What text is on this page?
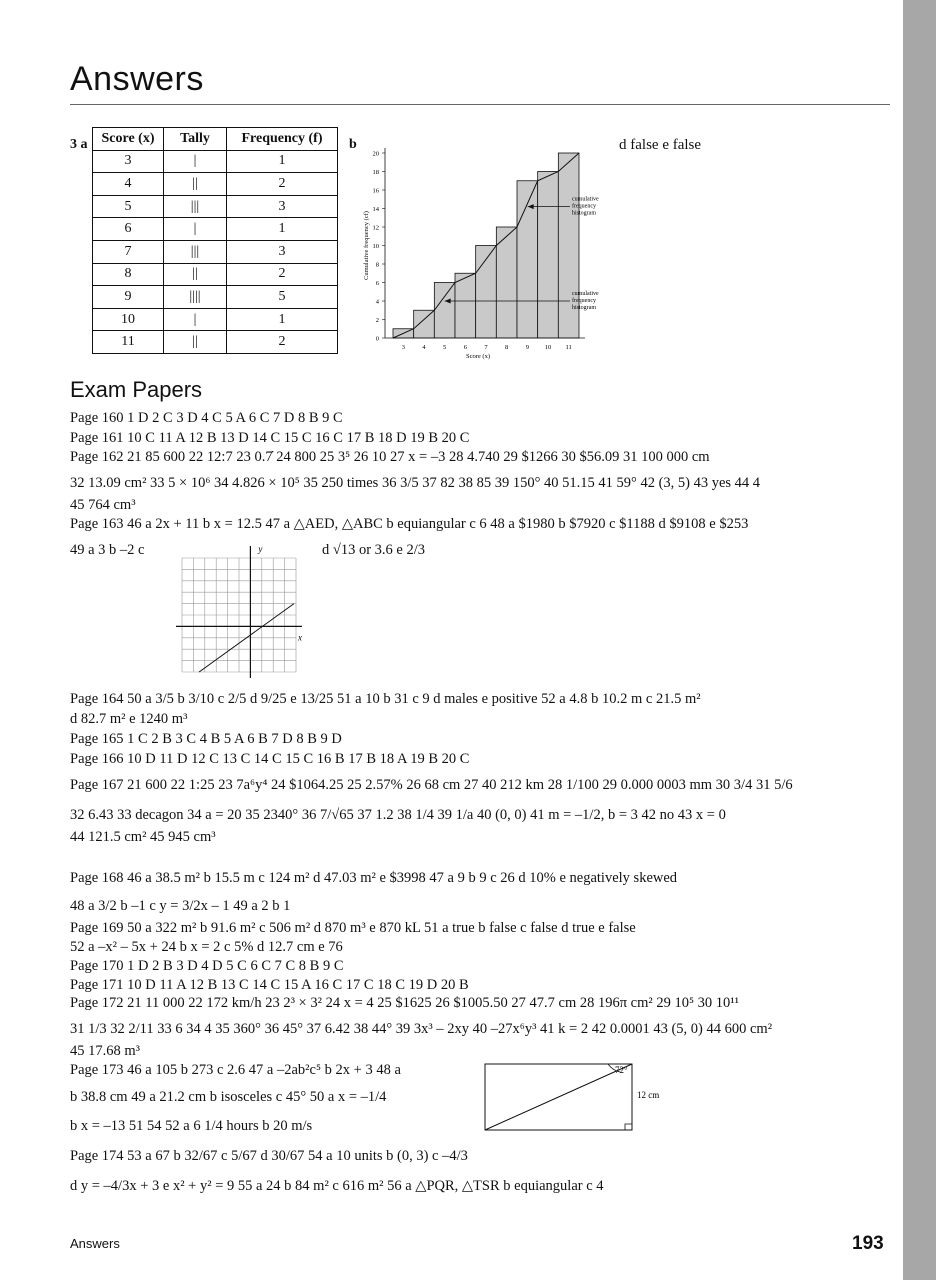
Answers
3 a Score (x)	Tally	Frequency (f)
3	|	1
4	||	2
5	|||	3
6	|	1
7	|||	3
8	||	2
9	||||	5
10	|	1
11	||	2
b
0
2
4
6
8
10
12
14
16
18
20
3	4	5	6	7	8	9 10 11
Score (x)
Cumulative frequency (cf)
cumulative
frequency
histogram
cumulative
frequency
histogram
d false e false
Exam Papers
Page 160 1 D 2 C 3 D 4 C 5 A 6 C 7 D 8 B 9 C
Page 161 10 C 11 A 12 B 13 D 14 C 15 C 16 C 17 B 18 D 19 B 20 C
Page 162 21 85 600 22 12:7 23 0.7̇ 24 800 25 3⁵ 26 10 27 x = –3 28 4.740 29 $1266 30 $56.09 31 100 000 cm
32 13.09 cm² 33 5 × 10⁶ 34 4.826 × 10⁵ 35 250 times 36 3/5 37 82 38 85 39 150° 40 51.15 41 59° 42 (3, 5) 43 yes 44 4
45 764 cm³
Page 163 46 a 2x + 11 b x = 12.5 47 a △AED, △ABC b equiangular c 6 48 a $1980 b $7920 c $1188 d $9108 e $253
49 a 3 b –2 c	d √13 or 3.6 e 2/3
Page 164 50 a 3/5 b 3/10 c 2/5 d 9/25 e 13/25 51 a 10 b 31 c 9 d males e positive 52 a 4.8 b 10.2 m c 21.5 m²
d 82.7 m² e 1240 m³
Page 165 1 C 2 B 3 C 4 B 5 A 6 B 7 D 8 B 9 D
Page 166 10 D 11 D 12 C 13 C 14 C 15 C 16 B 17 B 18 A 19 B 20 C
Page 167 21 600 22 1:25 23 7a⁶y⁴ 24 $1064.25 25 2.57% 26 68 cm 27 40 212 km 28 1/100 29 0.000 0003 mm 30 3/4 31 5/6
32 6.43 33 decagon 34 a = 20 35 2340° 36 7/√65 37 1.2 38 1/4 39 1/a 40 (0, 0) 41 m = –1/2, b = 3 42 no 43 x = 0
44 121.5 cm² 45 945 cm³
Page 168 46 a 38.5 m² b 15.5 m c 124 m² d 47.03 m² e $3998 47 a 9 b 9 c 26 d 10% e negatively skewed
48 a 3/2 b –1 c y = 3/2x – 1 49 a 2 b 1
Page 169 50 a 322 m² b 91.6 m² c 506 m² d 870 m³ e 870 kL 51 a true b false c false d true e false
52 a –x² – 5x + 24 b x = 2 c 5% d 12.7 cm e 76
Page 170 1 D 2 B 3 D 4 D 5 C 6 C 7 C 8 B 9 C
Page 171 10 D 11 A 12 B 13 C 14 C 15 A 16 C 17 C 18 C 19 D 20 B
Page 172 21 11 000 22 172 km/h 23 2³ × 3² 24 x = 4 25 $1625 26 $1005.50 27 47.7 cm 28 196π cm² 29 10⁵ 30 10¹¹
31 1/3 32 2/11 33 6 34 4 35 360° 36 45° 37 6.42 38 44° 39 3x³ – 2xy 40 –27x⁶y³ 41 k = 2 42 0.0001 43 (5, 0) 44 600 cm²
45 17.68 m³
Page 173 46 a 105 b 273 c 2.6 47 a –2ab²c⁵ b 2x + 3 48 a
b 38.8 cm 49 a 21.2 cm b isosceles c 45° 50 a x = –1/4
b x = –13 51 54 52 a 6 1/4 hours b 20 m/s
Page 174 53 a 67 b 32/67 c 5/67 d 30/67 54 a 10 units b (0, 3) c –4/3
d y = –4/3x + 3 e x² + y² = 9 55 a 24 b 84 m² c 616 m² 56 a △PQR, △TSR b equiangular c 4
y
x
72°
12 cm
Answers	193
